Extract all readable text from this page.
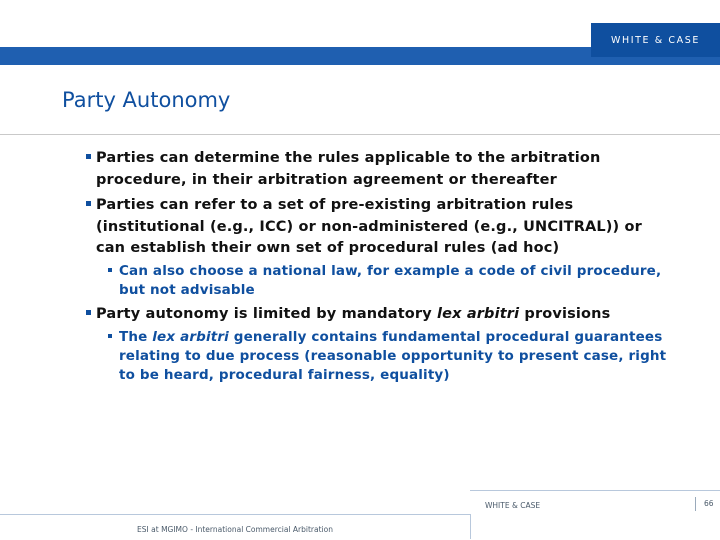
WHITE & CASE
Party Autonomy
Parties can determine the rules applicable to the arbitration procedure, in their arbitration agreement or thereafter
Parties can refer to a set of pre-existing arbitration rules (institutional (e.g., ICC) or non-administered (e.g., UNCITRAL)) or can establish their own set of procedural rules (ad hoc)
Can also choose a national law, for example a code of civil procedure, but not advisable
Party autonomy is limited by mandatory lex arbitri provisions
The lex arbitri generally contains fundamental procedural guarantees relating to due process (reasonable opportunity to present case, right to be heard, procedural fairness, equality)
ESI at MGIMO - International Commercial Arbitration
WHITE & CASE	66
